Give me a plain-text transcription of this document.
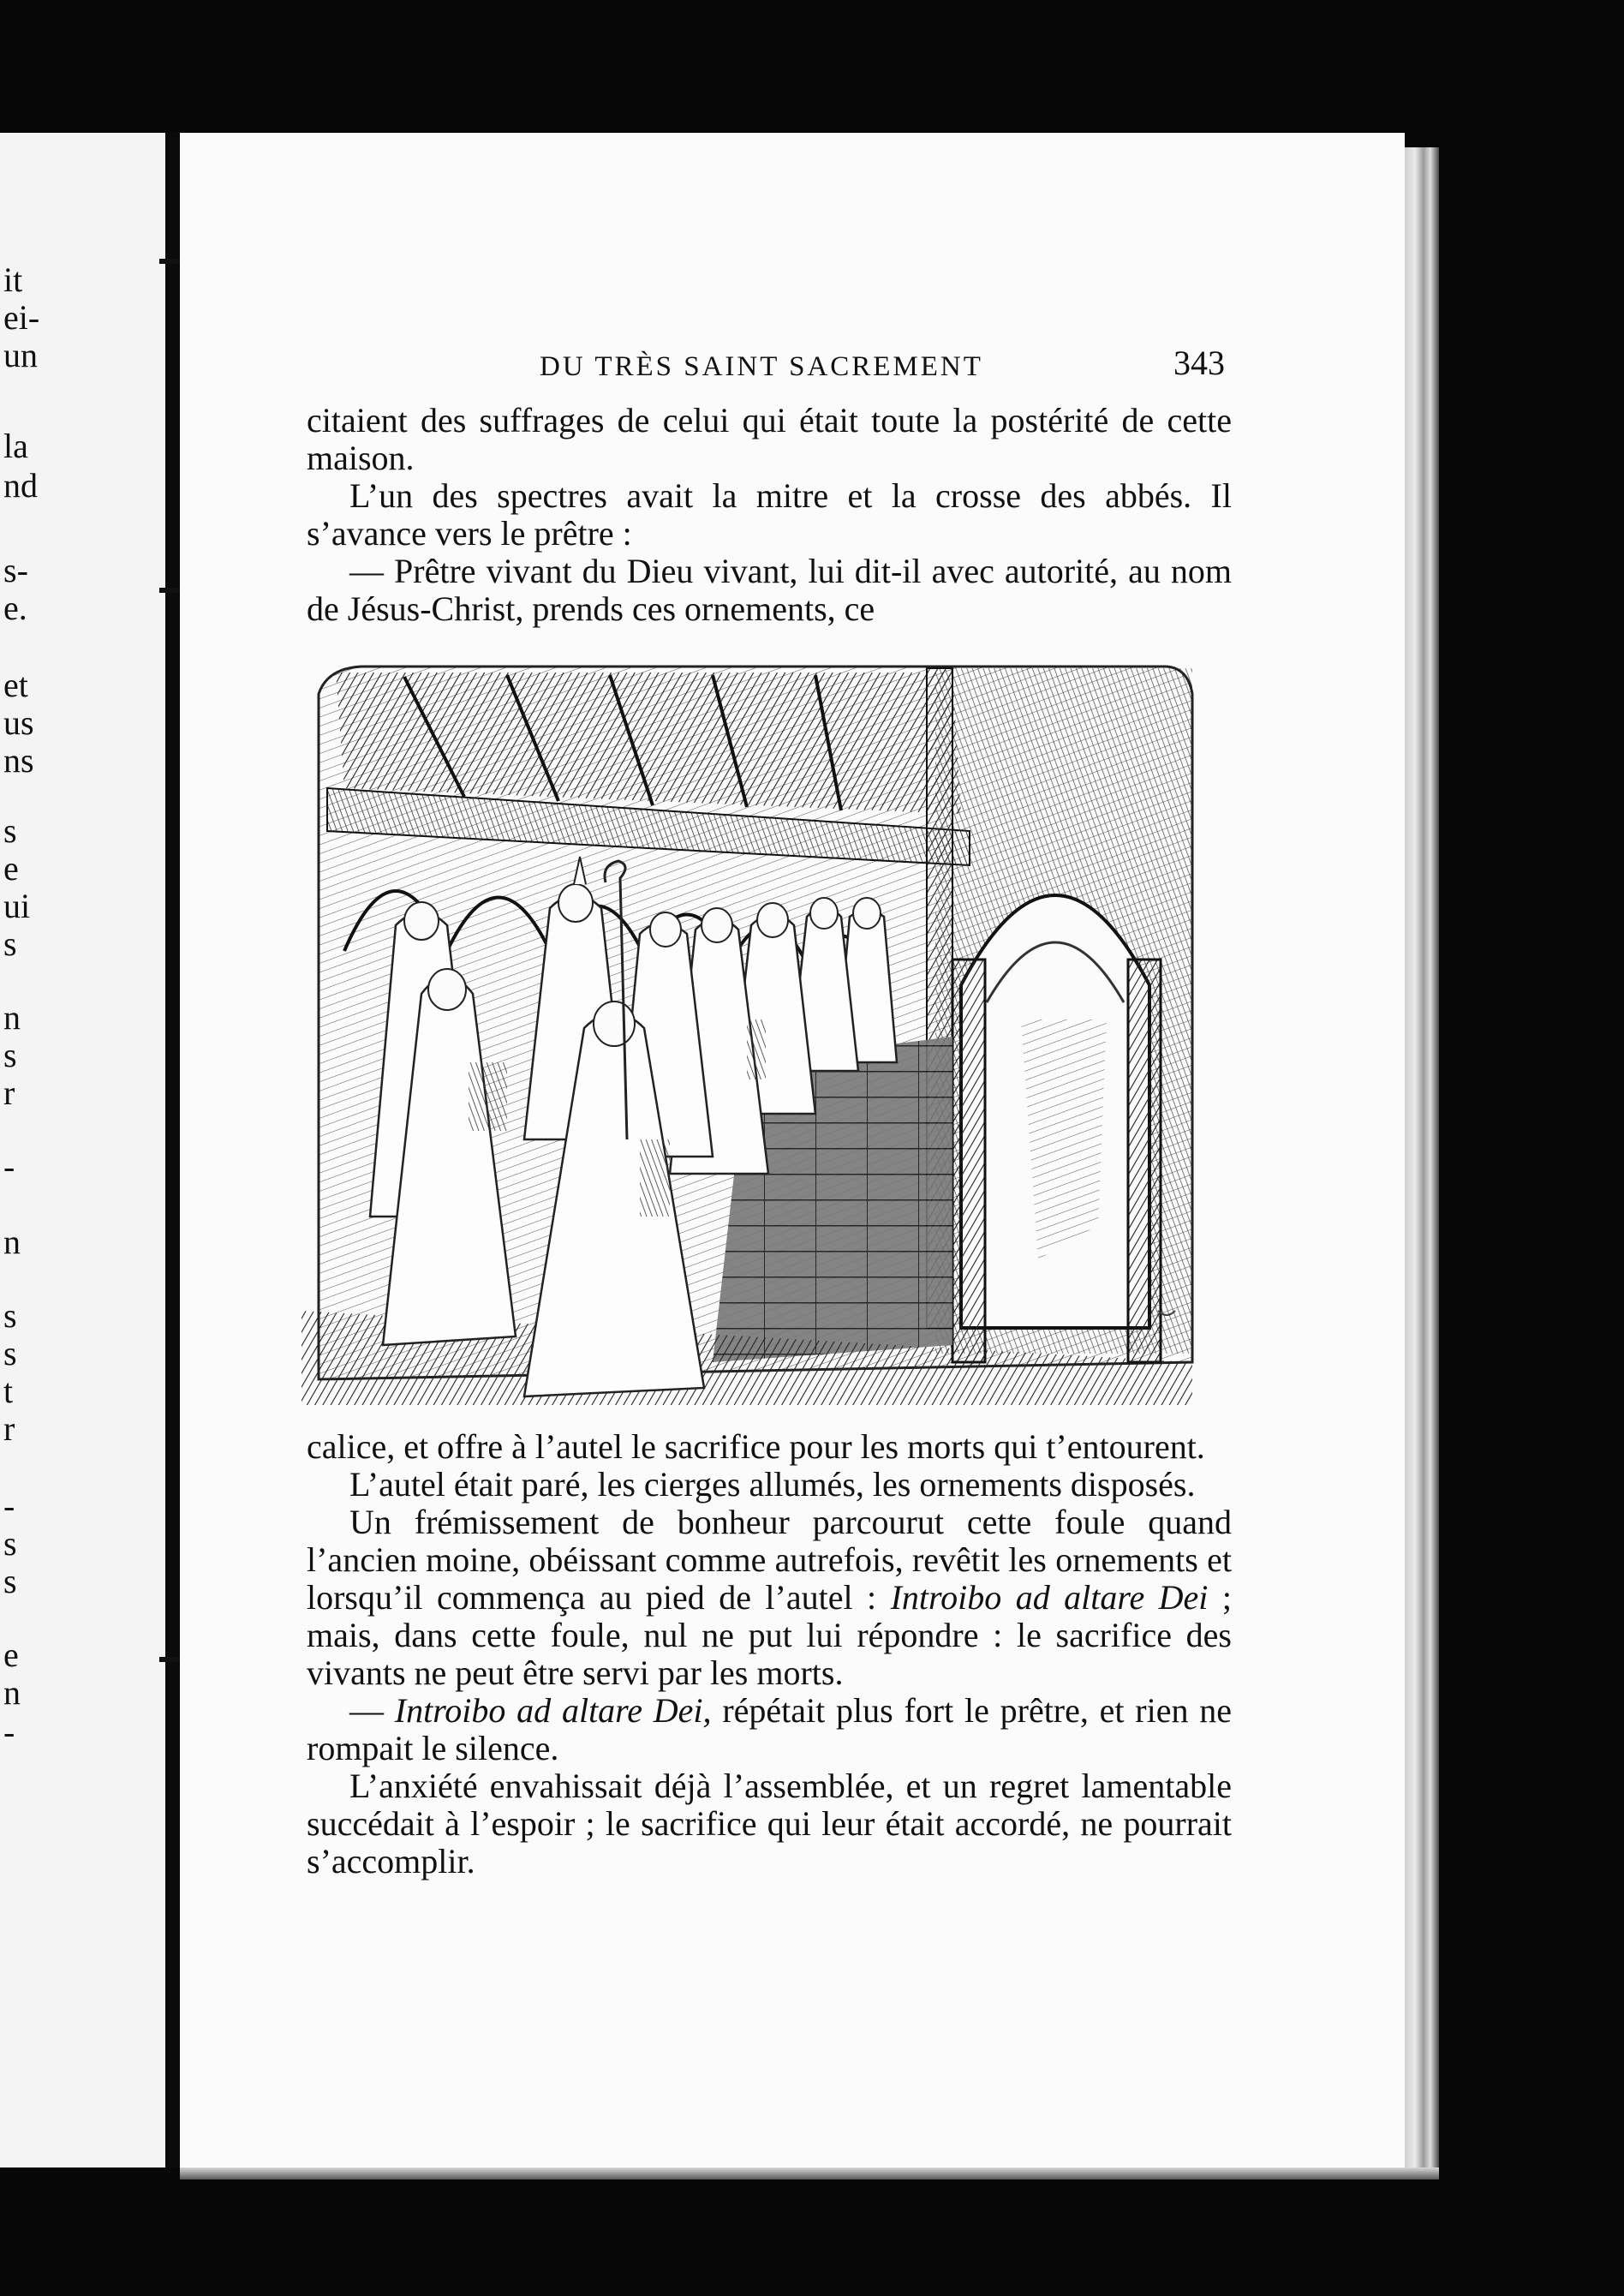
it
ei-
un
la
nd
s-
e.
et
us
ns
s
e
ui
s
n
s
r
-
n
s
s
t
r
-
s
s
e
n
-
DU TRÈS SAINT SACREMENT	343

citaient des suffrages de celui qui était toute la postérité de cette maison.

L’un des spectres avait la mitre et la crosse des abbés. Il s’avance vers le prêtre :

— Prêtre vivant du Dieu vivant, lui dit-il avec autorité, au nom de Jésus-Christ, prends ces ornements, ce

calice, et offre à l’autel le sacrifice pour les morts qui t’entourent.

L’autel était paré, les cierges allumés, les ornements disposés.

Un frémissement de bonheur parcourut cette foule quand l’ancien moine, obéissant comme autrefois, revêtit les ornements et lorsqu’il commença au pied de l’autel : Introibo ad altare Dei ; mais, dans cette foule, nul ne put lui répondre : le sacrifice des vivants ne peut être servi par les morts.

— Introibo ad altare Dei, répétait plus fort le prêtre, et rien ne rompait le silence.

L’anxiété envahissait déjà l’assemblée, et un regret lamentable succédait à l’espoir ; le sacrifice qui leur était accordé, ne pourrait s’accomplir.
